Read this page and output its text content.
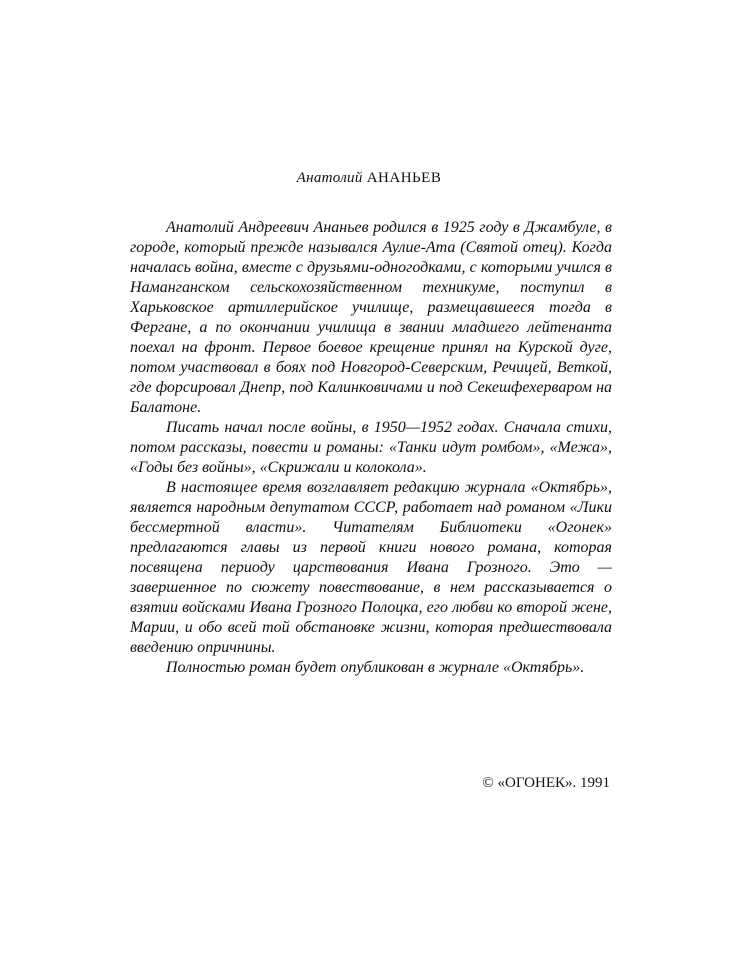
Анатолий АНАНЬЕВ

Анатолий Андреевич Ананьев родился в 1925 году в Джамбуле, в городе, который прежде назывался Аулие-Ата (Святой отец). Когда началась война, вместе с друзьями-одногодками, с которыми учился в Наманганском сельскохозяйственном техникуме, поступил в Харьковское артиллерийское училище, размещавшееся тогда в Фергане, а по окончании училища в звании младшего лейтенанта поехал на фронт. Первое боевое крещение принял на Курской дуге, потом участвовал в боях под Новгород-Северским, Речицей, Веткой, где форсировал Днепр, под Калинковичами и под Секешфехерваром на Балатоне.

Писать начал после войны, в 1950—1952 годах. Сначала стихи, потом рассказы, повести и романы: «Танки идут ромбом», «Межа», «Годы без войны», «Скрижали и колокола».

В настоящее время возглавляет редакцию журнала «Октябрь», является народным депутатом СССР, работает над романом «Лики бессмертной власти». Читателям Библиотеки «Огонек» предлагаются главы из первой книги нового романа, которая посвящена периоду царствования Ивана Грозного. Это — завершенное по сюжету повествование, в нем рассказывается о взятии войсками Ивана Грозного Полоцка, его любви ко второй жене, Марии, и обо всей той обстановке жизни, которая предшествовала введению опричнины.

Полностью роман будет опубликован в журнале «Октябрь».

© «ОГОНЕК». 1991
